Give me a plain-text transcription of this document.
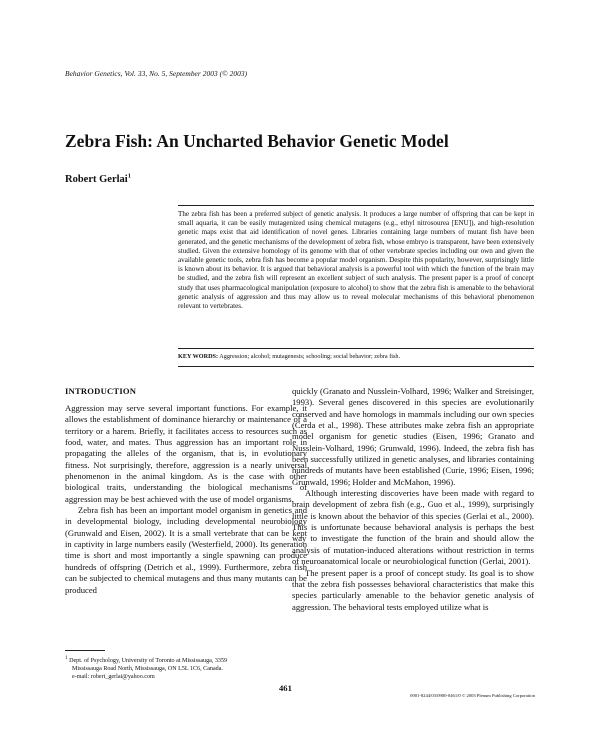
Behavior Genetics, Vol. 33, No. 5, September 2003 (© 2003)
Zebra Fish: An Uncharted Behavior Genetic Model
Robert Gerlai$^1$
The zebra fish has been a preferred subject of genetic analysis. It produces a large number of offspring that can be kept in small aquaria, it can be easily mutagenized using chemical mutagens (e.g., ethyl nitrosourea [ENU]), and high-resolution genetic maps exist that aid identification of novel genes. Libraries containing large numbers of mutant fish have been generated, and the genetic mechanisms of the development of zebra fish, whose embryo is transparent, have been extensively studied. Given the extensive homology of its genome with that of other vertebrate species including our own and given the available genetic tools, zebra fish has become a popular model organism. Despite this popularity, however, surprisingly little is known about its behavior. It is argued that behavioral analysis is a powerful tool with which the function of the brain may be studied, and the zebra fish will represent an excellent subject of such analysis. The present paper is a proof of concept study that uses pharmacological manipulation (exposure to alcohol) to show that the zebra fish is amenable to the behavioral genetic analysis of aggression and thus may allow us to reveal molecular mechanisms of this behavioral phenomenon relevant to vertebrates.
KEY WORDS: Aggression; alcohol; mutagenesis; schooling; social behavior; zebra fish.
INTRODUCTION

Aggression may serve several important functions. For example, it allows the establishment of dominance hierarchy or maintenance of a territory or a harem. Briefly, it facilitates access to resources such as food, water, and mates. Thus aggression has an important role in propagating the alleles of the organism, that is, in evolutionary fitness. Not surprisingly, therefore, aggression is a nearly universal phenomenon in the animal kingdom. As is the case with other biological traits, understanding the biological mechanisms of aggression may be best achieved with the use of model organisms.

Zebra fish has been an important model organism in genetics and in developmental biology, including developmental neurobiology (Grunwald and Eisen, 2002). It is a small vertebrate that can be kept in captivity in large numbers easily (Westerfield, 2000). Its generation time is short and most importantly a single spawning can produce hundreds of offspring (Detrich et al., 1999). Furthermore, zebra fish can be subjected to chemical mutagens and thus many mutants can be produced

quickly (Granato and Nusslein-Volhard, 1996; Walker and Streisinger, 1993). Several genes discovered in this species are evolutionarily conserved and have homologs in mammals including our own species (Cerda et al., 1998). These attributes make zebra fish an appropriate model organism for genetic studies (Eisen, 1996; Granato and Nusslein-Volhard, 1996; Grunwald, 1996). Indeed, the zebra fish has been successfully utilized in genetic analyses, and libraries containing hundreds of mutants have been established (Curie, 1996; Eisen, 1996; Grunwald, 1996; Holder and McMahon, 1996).

Although interesting discoveries have been made with regard to brain development of zebra fish (e.g., Guo et al., 1999), surprisingly little is known about the behavior of this species (Gerlai et al., 2000). This is unfortunate because behavioral analysis is perhaps the best way to investigate the function of the brain and should allow the analysis of mutation-induced alterations without restriction in terms of neuroanatomical locale or neurobiological function (Gerlai, 2001).

The present paper is a proof of concept study. Its goal is to show that the zebra fish possesses behavioral characteristics that make this species particularly amenable to the behavior genetic analysis of aggression. The behavioral tests employed utilize what is

$^1$ Dept. of Psychology, University of Toronto at Mississauga, 3359
Mississauga Road North, Mississauga, ON L5L 1C6, Canada.
e-mail: robert_gerlai@yahoo.com
461
0001-8244/03/0900-0461/0 © 2003 Plenum Publishing Corporation
